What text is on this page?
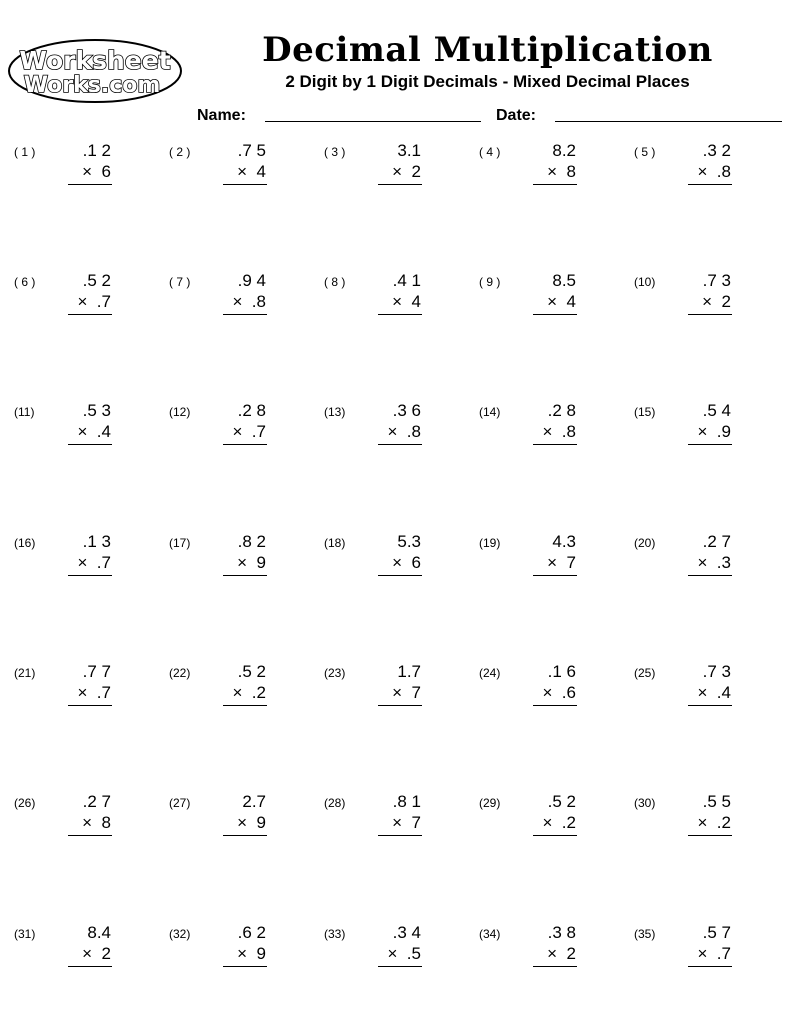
Worksheet
Works.com
Decimal Multiplication
2 Digit by 1 Digit Decimals - Mixed Decimal Places
Name:	Date:
( 1 )	.1 2
×  6
( 2 )	.7 5
×  4
( 3 )	3.1
×  2
( 4 )	8.2
×  8
( 5 )	.3 2
×  .8
( 6 )	.5 2
×  .7
( 7 )	.9 4
×  .8
( 8 )	.4 1
×  4
( 9 )	8.5
×  4
(10)	.7 3
×  2
(11)	.5 3
×  .4
(12)	.2 8
×  .7
(13)	.3 6
×  .8
(14)	.2 8
×  .8
(15)	.5 4
×  .9
(16)	.1 3
×  .7
(17)	.8 2
×  9
(18)	5.3
×  6
(19)	4.3
×  7
(20)	.2 7
×  .3
(21)	.7 7
×  .7
(22)	.5 2
×  .2
(23)	1.7
×  7
(24)	.1 6
×  .6
(25)	.7 3
×  .4
(26)	.2 7
×  8
(27)	2.7
×  9
(28)	.8 1
×  7
(29)	.5 2
×  .2
(30)	.5 5
×  .2
(31)	8.4
×  2
(32)	.6 2
×  9
(33)	.3 4
×  .5
(34)	.3 8
×  2
(35)	.5 7
×  .7
